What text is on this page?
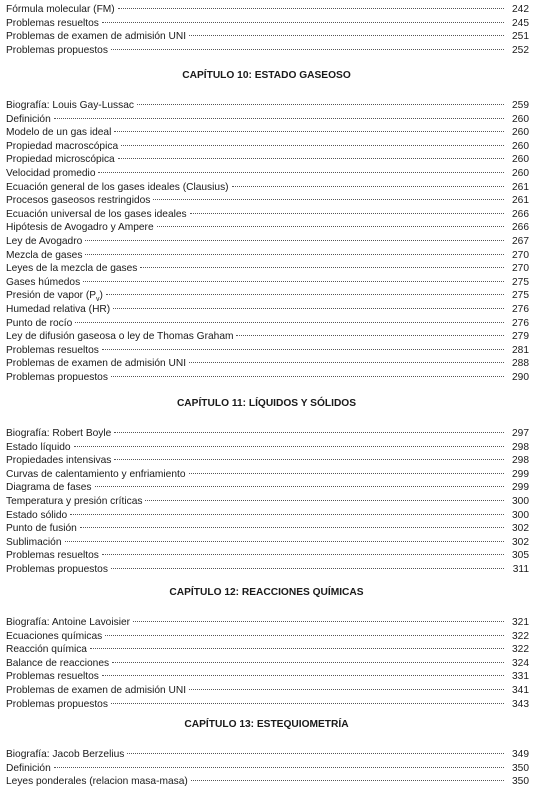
Fórmula molecular (FM)	242
Problemas resueltos	245
Problemas de examen de admisión UNI	251
Problemas propuestos	252
CAPÍTULO 10: ESTADO GASEOSO
Biografía: Louis Gay-Lussac	259
Definición	260
Modelo de un gas ideal	260
Propiedad macroscópica	260
Propiedad microscópica	260
Velocidad promedio	260
Ecuación general de los gases ideales (Clausius)	261
Procesos gaseosos restringidos	261
Ecuación universal de los gases ideales	266
Hipótesis de Avogadro y Ampere	266
Ley de Avogadro	267
Mezcla de gases	270
Leyes de la mezcla de gases	270
Gases húmedos	275
Presión de vapor $(P_v)$	275
Humedad relativa (HR)	276
Punto de rocío	276
Ley de difusión gaseosa o ley de Thomas Graham	279
Problemas resueltos	281
Problemas de examen de admisión UNI	288
Problemas propuestos	290
CAPÍTULO 11: LÍQUIDOS Y SÓLIDOS
Biografía: Robert Boyle	297
Estado líquido	298
Propiedades intensivas	298
Curvas de calentamiento y enfriamiento	299
Diagrama de fases	299
Temperatura y presión críticas	300
Estado sólido	300
Punto de fusión	302
Sublimación	302
Problemas resueltos	305
Problemas propuestos	311
CAPÍTULO 12: REACCIONES QUÍMICAS
Biografía: Antoine Lavoisier	321
Ecuaciones químicas	322
Reacción química	322
Balance de reacciones	324
Problemas resueltos	331
Problemas de examen de admisión UNI	341
Problemas propuestos	343
CAPÍTULO 13: ESTEQUIOMETRÍA
Biografía: Jacob Berzelius	349
Definición	350
Leyes ponderales (relacion masa-masa)	350
